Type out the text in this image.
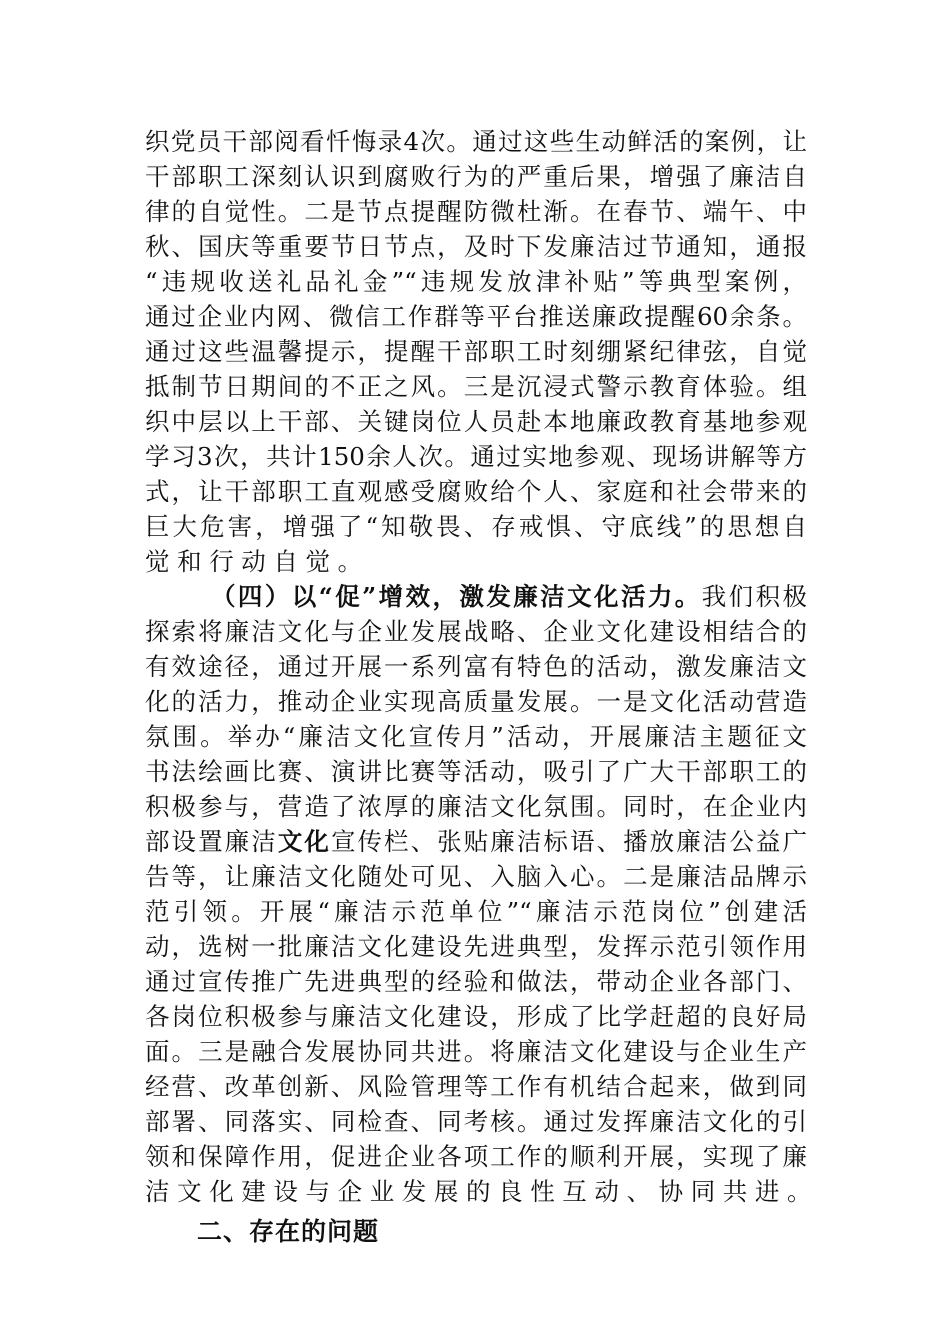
织党员干部阅看忏悔录4次。通过这些生动鲜活的案例，让
干部职工深刻认识到腐败行为的严重后果，增强了廉洁自
律的自觉性。二是节点提醒防微杜渐。在春节、端午、中
秋、国庆等重要节日节点，及时下发廉洁过节通知，通报
“违规收送礼品礼金”“违规发放津补贴”等典型案例，
通过企业内网、微信工作群等平台推送廉政提醒60余条。
通过这些温馨提示，提醒干部职工时刻绷紧纪律弦，自觉
抵制节日期间的不正之风。三是沉浸式警示教育体验。组
织中层以上干部、关键岗位人员赴本地廉政教育基地参观
学习3次，共计150余人次。通过实地参观、现场讲解等方
式，让干部职工直观感受腐败给个人、家庭和社会带来的
巨大危害，增强了“知敬畏、存戒惧、守底线”的思想自
觉和行动自觉。
（四）以“促”增效，激发廉洁文化活力。我们积极
探索将廉洁文化与企业发展战略、企业文化建设相结合的
有效途径，通过开展一系列富有特色的活动，激发廉洁文
化的活力，推动企业实现高质量发展。一是文化活动营造
氛围。举办“廉洁文化宣传月”活动，开展廉洁主题征文
书法绘画比赛、演讲比赛等活动，吸引了广大干部职工的
积极参与，营造了浓厚的廉洁文化氛围。同时，在企业内
部设置廉洁文化宣传栏、张贴廉洁标语、播放廉洁公益广
告等，让廉洁文化随处可见、入脑入心。二是廉洁品牌示
范引领。开展“廉洁示范单位”“廉洁示范岗位”创建活
动，选树一批廉洁文化建设先进典型，发挥示范引领作用
通过宣传推广先进典型的经验和做法，带动企业各部门、
各岗位积极参与廉洁文化建设，形成了比学赶超的良好局
面。三是融合发展协同共进。将廉洁文化建设与企业生产
经营、改革创新、风险管理等工作有机结合起来，做到同
部署、同落实、同检查、同考核。通过发挥廉洁文化的引
领和保障作用，促进企业各项工作的顺利开展，实现了廉
洁文化建设与企业发展的良性互动、协同共进。
二、存在的问题
